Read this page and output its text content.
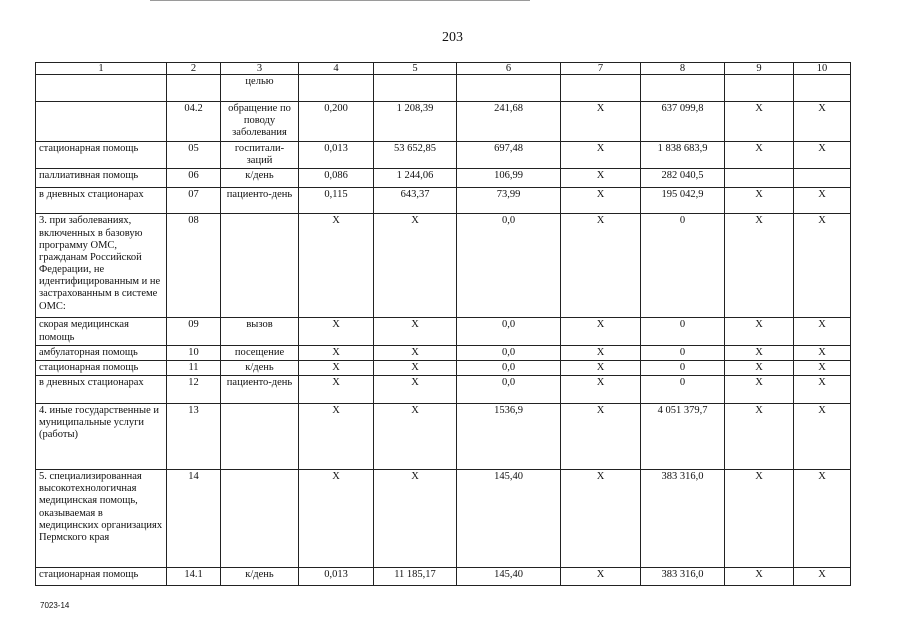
203
1	2	3	4	5	6	7	8	9	10
		целью							
	04.2	обращение по поводу заболевания	0,200	1 208,39	241,68	X	637 099,8	X	X
стационарная помощь	05	госпитали-заций	0,013	53 652,85	697,48	X	1 838 683,9	X	X
паллиативная помощь	06	к/день	0,086	1 244,06	106,99	X	282 040,5		
в дневных стационарах	07	пациенто-день	0,115	643,37	73,99	X	195 042,9	X	X
3. при заболеваниях, включенных в базовую программу ОМС, гражданам Российской Федерации, не идентифицированным и не застрахованным в системе ОМС:	08		X	X	0,0	X	0	X	X
скорая медицинская помощь	09	вызов	X	X	0,0	X	0	X	X
амбулаторная помощь	10	посещение	X	X	0,0	X	0	X	X
стационарная помощь	11	к/день	X	X	0,0	X	0	X	X
в дневных стационарах	12	пациенто-день	X	X	0,0	X	0	X	X
4. иные государственные и муниципальные услуги (работы)	13		X	X	1536,9	X	4 051 379,7	X	X
5. специализированная высокотехнологичная медицинская помощь, оказываемая в медицинских организациях Пермского края	14		X	X	145,40	X	383 316,0	X	X
стационарная помощь	14.1	к/день	0,013	11 185,17	145,40	X	383 316,0	X	X
7023-14
